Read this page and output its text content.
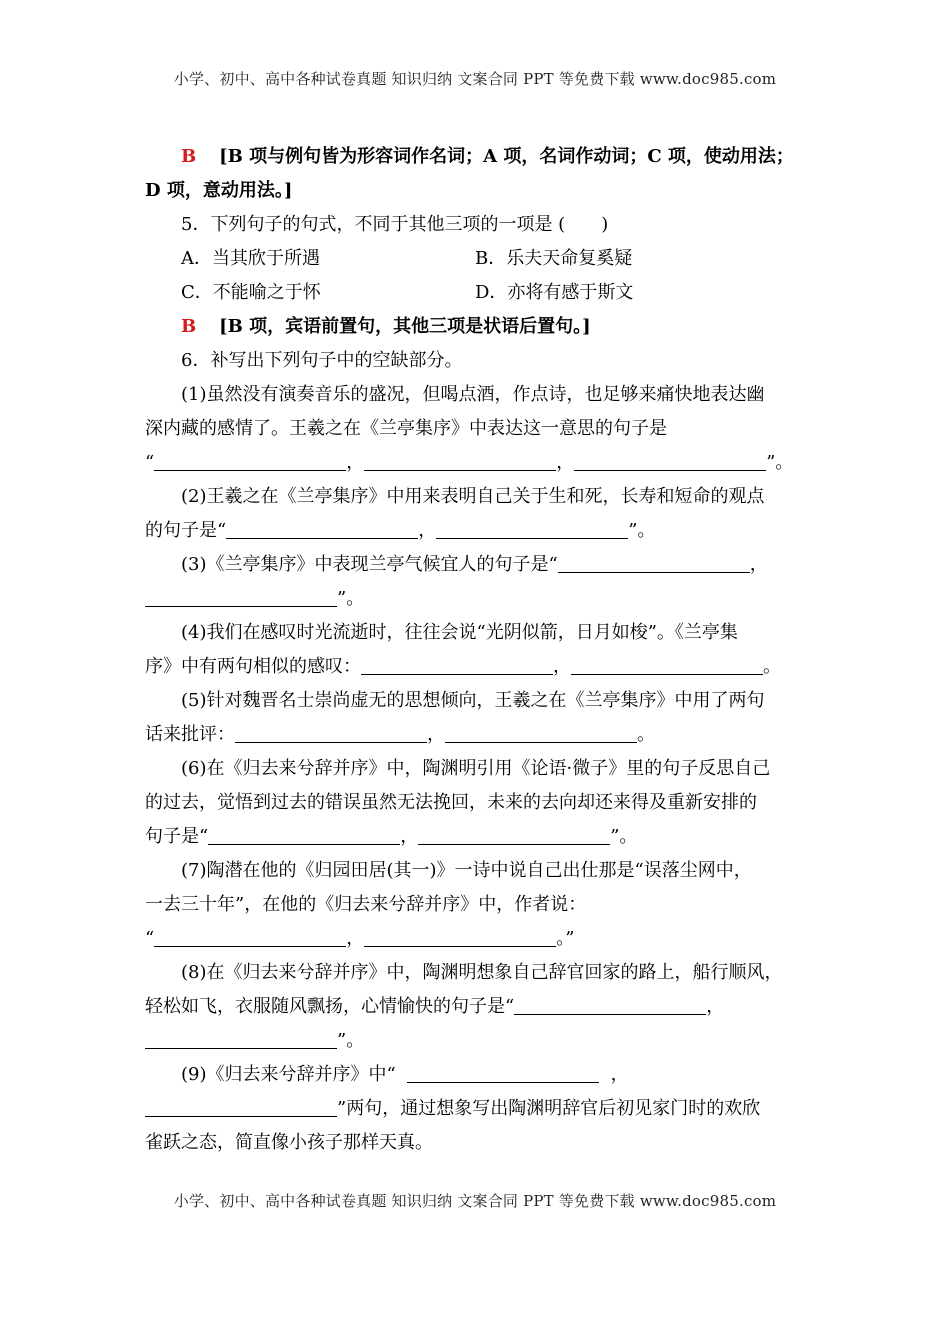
小学、初中、高中各种试卷真题 知识归纳 文案合同 PPT 等免费下载 www.doc985.com
B [B 项与例句皆为形容词作名词；A 项，名词作动词；C 项，使动用法；
D 项，意动用法。]
5．下列句子的句式，不同于其他三项的一项是 (　　)
A．当其欣于所遇	B．乐夫天命复奚疑
C．不能喻之于怀	D．亦将有感于斯文
B [B 项，宾语前置句，其他三项是状语后置句。]
6．补写出下列句子中的空缺部分。
(1)虽然没有演奏音乐的盛况，但喝点酒，作点诗，也足够来痛快地表达幽
深内藏的感情了。王羲之在《兰亭集序》中表达这一意思的句子是
“	，	，	”。
(2)王羲之在《兰亭集序》中用来表明自己关于生和死，长寿和短命的观点
的句子是“	，	”。
(3)《兰亭集序》中表现兰亭气候宜人的句子是“	，
”。
(4)我们在感叹时光流逝时，往往会说“光阴似箭，日月如梭”。《兰亭集
序》中有两句相似的感叹：	，	。
(5)针对魏晋名士崇尚虚无的思想倾向，王羲之在《兰亭集序》中用了两句
话来批评：	，	。
(6)在《归去来兮辞并序》中，陶渊明引用《论语·微子》里的句子反思自己
的过去，觉悟到过去的错误虽然无法挽回，未来的去向却还来得及重新安排的
句子是“	，	”。
(7)陶潜在他的《归园田居(其一)》一诗中说自己出仕那是“误落尘网中，
一去三十年”，在他的《归去来兮辞并序》中，作者说：
“	，	。”
(8)在《归去来兮辞并序》中，陶渊明想象自己辞官回家的路上，船行顺风，
轻松如飞，衣服随风飘扬，心情愉快的句子是“	，
”。
(9)《归去来兮辞并序》中“	，
”两句，通过想象写出陶渊明辞官后初见家门时的欢欣
雀跃之态，简直像小孩子那样天真。
小学、初中、高中各种试卷真题 知识归纳 文案合同 PPT 等免费下载 www.doc985.com
